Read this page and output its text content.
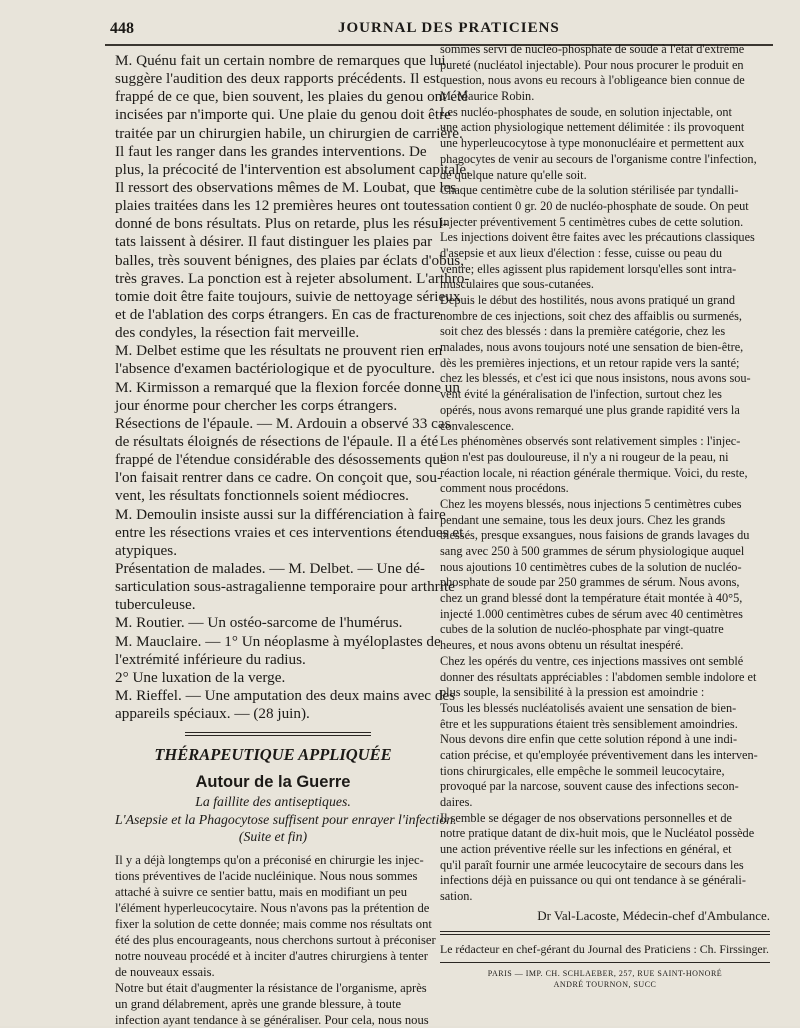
448	JOURNAL DES PRATICIENS

M. Quénu fait un certain nombre de remarques que lui

suggère l'audition des deux rapports précédents. Il est

frappé de ce que, bien souvent, les plaies du genou ont été

incisées par n'importe qui. Une plaie du genou doit être

traitée par un chirurgien habile, un chirurgien de carrière.

Il faut les ranger dans les grandes interventions. De

plus, la précocité de l'intervention est absolument capitale.

Il ressort des observations mêmes de M. Loubat, que les

plaies traitées dans les 12 premières heures ont toutes

donné de bons résultats. Plus on retarde, plus les résul-

tats laissent à désirer. Il faut distinguer les plaies par

balles, très souvent bénignes, des plaies par éclats d'obus,

très graves. La ponction est à rejeter absolument. L'arthro-

tomie doit être faite toujours, suivie de nettoyage sérieux

et de l'ablation des corps étrangers. En cas de fracture

des condyles, la résection fait merveille.

M. Delbet estime que les résultats ne prouvent rien en

l'absence d'examen bactériologique et de pyoculture.

M. Kirmisson a remarqué que la flexion forcée donne un

jour énorme pour chercher les corps étrangers.

Résections de l'épaule. — M. Ardouin a observé 33 cas

de résultats éloignés de résections de l'épaule. Il a été

frappé de l'étendue considérable des désossements que

l'on faisait rentrer dans ce cadre. On conçoit que, sou-

vent, les résultats fonctionnels soient médiocres.

M. Demoulin insiste aussi sur la différenciation à faire

entre les résections vraies et ces interventions étendues et

atypiques.

Présentation de malades. — M. Delbet. — Une dé-

sarticulation sous-astragalienne temporaire pour arthrite

tuberculeuse.

M. Routier. — Un ostéo-sarcome de l'humérus.

M. Mauclaire. — 1° Un néoplasme à myéloplastes de

l'extrémité inférieure du radius.

2° Une luxation de la verge.

M. Rieffel. — Une amputation des deux mains avec des

appareils spéciaux. — (28 juin).

THÉRAPEUTIQUE APPLIQUÉE
Autour de la Guerre
La faillite des antiseptiques.
L'Asepsie et la Phagocytose suffisent pour enrayer l'infection.
(Suite et fin)

Il y a déjà longtemps qu'on a préconisé en chirurgie les injec-

tions préventives de l'acide nucléinique. Nous nous sommes

attaché à suivre ce sentier battu, mais en modifiant un peu

l'élément hyperleucocytaire. Nous n'avons pas la prétention de

fixer la solution de cette donnée; mais comme nos résultats ont

été des plus encourageants, nous cherchons surtout à préconiser

notre nouveau procédé et à inciter d'autres chirurgiens à tenter

de nouveaux essais.

Notre but était d'augmenter la résistance de l'organisme, après

un grand délabrement, après une grande blessure, à toute

infection ayant tendance à se généraliser. Pour cela, nous nous

sommes servi de nucléo-phosphate de soude à l'état d'extrême

pureté (nucléatol injectable). Pour nous procurer le produit en

question, nous avons eu recours à l'obligeance bien connue de

M. Maurice Robin.

Les nucléo-phosphates de soude, en solution injectable, ont

une action physiologique nettement délimitée : ils provoquent

une hyperleucocytose à type mononucléaire et permettent aux

phagocytes de venir au secours de l'organisme contre l'infection,

de quelque nature qu'elle soit.

Chaque centimètre cube de la solution stérilisée par tyndalli-

sation contient 0 gr. 20 de nucléo-phosphate de soude. On peut

injecter préventivement 5 centimètres cubes de cette solution.

Les injections doivent être faites avec les précautions classiques

d'asepsie et aux lieux d'élection : fesse, cuisse ou peau du

ventre; elles agissent plus rapidement lorsqu'elles sont intra-

musculaires que sous-cutanées.

Depuis le début des hostilités, nous avons pratiqué un grand

nombre de ces injections, soit chez des affaiblis ou surmenés,

soit chez des blessés : dans la première catégorie, chez les

malades, nous avons toujours noté une sensation de bien-être,

dès les premières injections, et un retour rapide vers la santé;

chez les blessés, et c'est ici que nous insistons, nous avons sou-

vent évité la généralisation de l'infection, surtout chez les

opérés, nous avons remarqué une plus grande rapidité vers la

convalescence.

Les phénomènes observés sont relativement simples : l'injec-

tion n'est pas douloureuse, il n'y a ni rougeur de la peau, ni

réaction locale, ni réaction générale thermique. Voici, du reste,

comment nous procédons.

Chez les moyens blessés, nous injections 5 centimètres cubes

pendant une semaine, tous les deux jours. Chez les grands

blessés, presque exsangues, nous faisions de grands lavages du

sang avec 250 à 500 grammes de sérum physiologique auquel

nous ajoutions 10 centimètres cubes de la solution de nucléo-

phosphate de soude par 250 grammes de sérum. Nous avons,

chez un grand blessé dont la température était montée à 40°5,

injecté 1.000 centimètres cubes de sérum avec 40 centimètres

cubes de la solution de nucléo-phosphate par vingt-quatre

heures, et nous avons obtenu un résultat inespéré.

Chez les opérés du ventre, ces injections massives ont semblé

donner des résultats appréciables : l'abdomen semble indolore et

plus souple, la sensibilité à la pression est amoindrie :

Tous les blessés nucléatolisés avaient une sensation de bien-

être et les suppurations étaient très sensiblement amoindries.

Nous devons dire enfin que cette solution répond à une indi-

cation précise, et qu'employée préventivement dans les interven-

tions chirurgicales, elle empêche le sommeil leucocytaire,

provoqué par la narcose, souvent cause des infections secon-

daires.

Il semble se dégager de nos observations personnelles et de

notre pratique datant de dix-huit mois, que le Nucléatol possède

une action préventive réelle sur les infections en général, et

qu'il paraît fournir une armée leucocytaire de secours dans les

infections déjà en puissance ou qui ont tendance à se générali-

sation.

Dr Val-Lacoste, Médecin-chef d'Ambulance.
Le rédacteur en chef-gérant du Journal des Praticiens : Ch. Firssinger.
PARIS — IMP. CH. SCHLAEBER, 257, RUE SAINT-HONORÉ
ANDRÉ TOURNON, SUCC
